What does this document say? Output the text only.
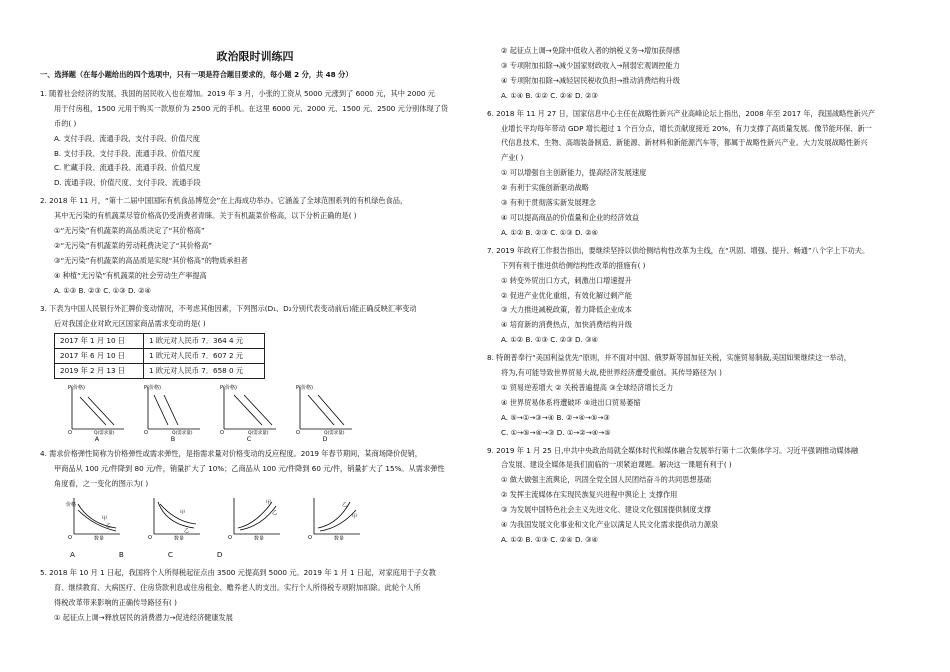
政治限时训练四
一、选择题（在每小题给出的四个选项中，只有一项是符合题目要求的，每小题 2 分，共 48 分）

1. 随着社会经济的发展，我国的居民收入也在增加。2019 年 3 月，小张的工资从 5000 元涨到了 6000 元，其中 2000 元

用于付房租，1500 元用于购买一款原价为 2500 元的手机。在这里 6000 元、2000 元、1500 元、2500 元分别体现了货

币的( )

A. 支付手段、流通手段、支付手段、价值尺度

B. 支付手段、支付手段、流通手段、价值尺度

C. 贮藏手段、流通手段、流通手段、价值尺度

D. 流通手段、价值尺度、支付手段、流通手段

2. 2018 年 11 月，“第十二届中国国际有机食品博览会”在上海成功举办。它涵盖了全球范围系列的有机绿色食品，

其中无污染的有机蔬菜尽管价格高仍受消费者青睐。关于有机蔬菜价格高，以下分析正确的是( )

①“无污染”有机蔬菜的高品质决定了“其价格高”

②“无污染”有机蔬菜的劳动耗费决定了“其价格高”

③“无污染”有机蔬菜的高品质是实现“其价格高”的物质承担者

④ 种植“无污染”有机蔬菜的社会劳动生产率提高

A. ①③ B. ②③ C. ①③ D. ②④

3. 下表为中国人民银行外汇牌价变动情况，不考虑其他因素，下列图示(D₁、D₂分别代表变动前后)能正确反映汇率变动

后对我国企业对欧元区国家商品需求变动的是( )

2017 年 1 月 10 日	1 欧元对人民币 7．364 4 元
2017 年 6 月 10 日	1 欧元对人民币 7．607 2 元
2019 年 2 月 13 日	1 欧元对人民币 7．658 0 元
P(价格)
O	Q(需求量)
A
P(价格)
O	Q(需求量)
B
P(价格)
O	Q(需求量)
C
P(价格)
O	Q(需求量)
D

4. 需求价格弹性简称为价格弹性或需求弹性，是指需求量对价格变动的反应程度。2019 年春节期间，某商场降价促销，

甲商品从 100 元/件降到 80 元/件，销量扩大了 10%；乙商品从 100 元/件降到 60 元/件，销量扩大了 15%。从需求弹性

角度看，之一变化的图示为( )

价格
O	数量
甲
乙
O	数量
甲
乙
O	数量
甲
乙
O	数量
乙
甲
A	B	C	D

5. 2018 年 10 月 1 日起，我国将个人所得税起征点由 3500 元提高到 5000 元。2019 年 1 月 1 日起，对家庭用于子女教

育、继续教育、大病医疗、住房贷款利息或住房租金、赡养老人的支出。实行个人所得税专项附加扣除。此轮个人所

得税改革带来影响的正确传导路径有( )

① 起征点上调→释放居民的消费潜力→促进经济健康发展

② 起征点上调→免除中低收入者的纳税义务→增加获得感

③ 专项附加扣除→减少国家财政收入→削弱宏观调控能力

④ 专项附加扣除→减轻居民税收负担→推动消费结构升级

A. ①④ B. ①② C. ②④ D. ②③

6. 2018 年 11 月 27 日，国家信息中心主任在战略性新兴产业高峰论坛上指出，2008 年至 2017 年，我国战略性新兴产

业增长平均每年带动 GDP 增长超过 1 个百分点，增长贡献度接近 20%，有力支撑了高质量发展。像节能环保、新一

代信息技术、生物、高端装备制造、新能源、新材料和新能源汽车等，都属于战略性新兴产业。大力发展战略性新兴

产业( )

① 可以增强自主创新能力，提高经济发展速度

② 有利于实施创新驱动战略

③ 有利于贯彻落实新发展理念

④ 可以提高商品的价值量和企业的经济效益

A. ①② B. ②③ C. ①③ D. ②④

7. 2019 年政府工作报告指出，要继续坚持以供给侧结构性改革为主线，在“巩固、增强、提升、畅通”八个字上下功夫。

下列有利于推进供给侧结构性改革的措施有( )

① 转变外贸出口方式，刺激出口增速提升

② 促进产业优化重组，有效化解过剩产能

③ 大力推进减税政策，着力降低企业成本

④ 培育新的消费热点，加快消费结构升级

A. ①② B. ①③ C. ②③ D. ③④

8. 特朗普奉行“美国利益优先”原则，并不面对中国、俄罗斯等国加征关税，实施贸易制裁,美国如果继续这一举动，

将为,有可能导致世界贸易大战,使世界经济遭受重创。其传导路径为( )

① 贸易逆差增大 ② 关税普遍提高 ③全球经济增长乏力

④ 世界贸易体系将遭破坏 ⑤进出口贸易萎缩

A. ⑤→①→③→④ B. ②→④→⑤→③

C. ①→⑤→④→③ D. ①→②→④→⑤

9. 2019 年 1 月 25 日,中共中央政治局就全媒体时代和媒体融合发展举行第十二次集体学习。习近平强调推动媒体融

合发展、建设全媒体是我们面临的一项紧迫课题。解决这一课题有利于( )

① 做大做强主流舆论，巩固全党全国人民团结奋斗的共同思想基础

② 发挥主流媒体在实现民族复兴进程中舆论上 支撑作用

③ 为发展中国特色社会主义先进文化、建设文化强国提供制度支撑

④ 为我国发展文化事业和文化产业以满足人民文化需求提供动力源泉

A. ①② B. ①③ C. ②④ D. ③④
